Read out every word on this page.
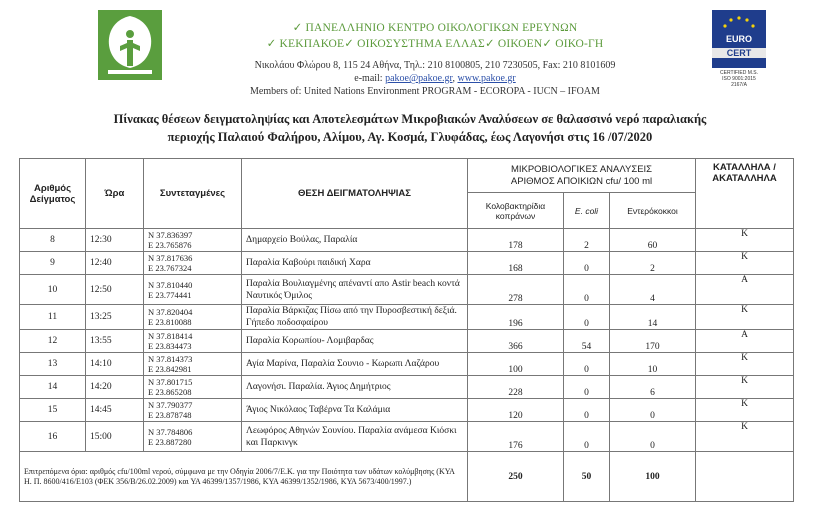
EURO
CERT
CERTIFIED M.S.
ISO 9001:2015
2167/A
✓ ΠΑΝΕΛΛΗΝΙΟ ΚΕΝΤΡΟ ΟΙΚΟΛΟΓΙΚΩΝ ΕΡΕΥΝΩΝ
✓ ΚΕΚΠΑΚΟΕ✓ ΟΙΚΟΣΥΣΤΗΜΑ ΕΛΛΑΣ✓ ΟΙΚΟΕΝ✓ ΟΙΚΟ-ΓΗ
Νικολάου Φλώρου 8, 115 24 Αθήνα, Τηλ.: 210 8100805, 210 7230505, Fax: 210 8101609
e-mail: pakoe@pakoe.gr, www.pakoe.gr
Members of: United Nations Environment PROGRAM - ECOROPA - IUCN – IFOAM
Πίνακας θέσεων δειγματοληψίας και Αποτελεσμάτων Μικροβιακών Αναλύσεων σε θαλασσινό νερό παραλιακής
περιοχής Παλαιού Φαλήρου, Αλίμου, Αγ. Κοσμά, Γλυφάδας, έως Λαγονήσι στις 16 /07/2020
Αριθμός Δείγματος	Ώρα	Συντεταγμένες	ΘΕΣΗ ΔΕΙΓΜΑΤΟΛΗΨΙΑΣ	ΜΙΚΡΟΒΙΟΛΟΓΙΚΕΣ ΑΝΑΛΥΣΕΙΣ
ΑΡΙΘΜΟΣ ΑΠΟΙΚΙΩΝ cfu/ 100 ml			ΚΑΤΑΛΛΗΛΑ / ΑΚΑΤΑΛΛΗΛΑ
				Κολοβακτηρίδια κοπράνων	E. coli	Εντερόκοκκοι	
8	12:30	N 37.836397
E 23.765876	Δημαρχείο Βούλας, Παραλία	178	2	60	Κ
9	12:40	N 37.817636
E 23.767324	Παραλία Καβούρι παιδική Χαρα	168	0	2	Κ
10	12:50	N 37.810440
E 23.774441	Παραλία Βουλιαγμένης απέναντί απο Astir beach κοντά Ναυτικός Όμιλος	278	0	4	Α
11	13:25	N 37.820404
E 23.810088	Παραλία Βάρκιζας Πίσω από την Πυροσβεστική δεξιά. Γήπεδο ποδοσφαίρου	196	0	14	Κ
12	13:55	N 37.818414
E 23.834473	Παραλία Κορωπίου- Λομιβαρδας	366	54	170	Α
13	14:10	N 37.814373
E 23.842981	Αγία Μαρίνα, Παραλία Σουνιο - Κωρωπι Λαζάρου	100	0	10	Κ
14	14:20	N 37.801715
E 23.865208	Λαγονήσι. Παραλία. Άγιος Δημήτριος	228	0	6	Κ
15	14:45	N 37.790377
E 23.878748	Άγιος Νικόλαος Ταβέρνα Τα Καλάμια	120	0	0	Κ
16	15:00	N 37.784806
E 23.887280	Λεωφόρος Αθηνών Σουνίου. Παραλία ανάμεσα Κιόσκι και Παρκινγκ	176	0	0	Κ
Επιτρεπόμενα όρια: αριθμός cfu/100ml νερού, σύμφωνα με την Οδηγία 2006/7/Ε.Κ. για την Ποιότητα των υδάτων κολύμβησης (ΚΥΑ Η. Π. 8600/416/Ε103 (ΦΕΚ 356/Β/26.02.2009) και ΥΑ 46399/1357/1986, ΚΥΑ 46399/1352/1986, ΚΥΑ 5673/400/1997.)				250	50	100	
